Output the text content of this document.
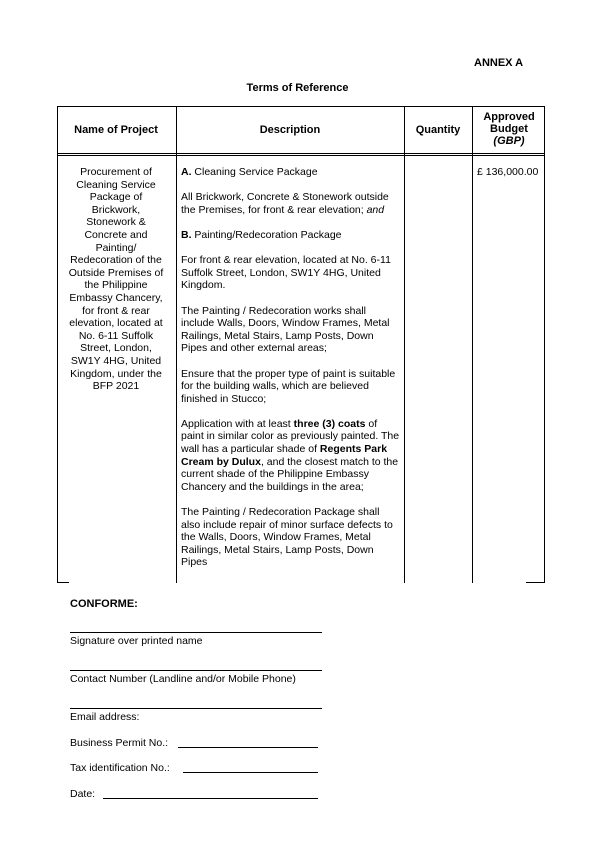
ANNEX A
Terms of Reference
Name of Project	Description	Quantity
Approved
Budget
(GBP)
Procurement of
Cleaning Service
Package of
Brickwork,
Stonework &
Concrete and
Painting/
Redecoration of the
Outside Premises of
the Philippine
Embassy Chancery,
for front & rear
elevation, located at
No. 6-11 Suffolk
Street, London,
SW1Y 4HG, United
Kingdom, under the
BFP 2021

A. Cleaning Service Package

All Brickwork, Concrete & Stonework outside the Premises, for front & rear elevation; and

B. Painting/Redecoration Package

For front & rear elevation, located at No. 6-11 Suffolk Street, London, SW1Y 4HG, United Kingdom.

The Painting / Redecoration works shall include Walls, Doors, Window Frames, Metal Railings, Metal Stairs, Lamp Posts, Down Pipes and other external areas;

Ensure that the proper type of paint is suitable for the building walls, which are believed finished in Stucco;

Application with at least three (3) coats of paint in similar color as previously painted. The wall has a particular shade of Regents Park Cream by Dulux, and the closest match to the current shade of the Philippine Embassy Chancery and the buildings in the area;

The Painting / Redecoration Package shall also include repair of minor surface defects to the Walls, Doors, Window Frames, Metal Railings, Metal Stairs, Lamp Posts, Down Pipes

£ 136,000.00
CONFORME:
Signature over printed name
Contact Number (Landline and/or Mobile Phone)
Email address:
Business Permit No.:
Tax identification No.:
Date:
